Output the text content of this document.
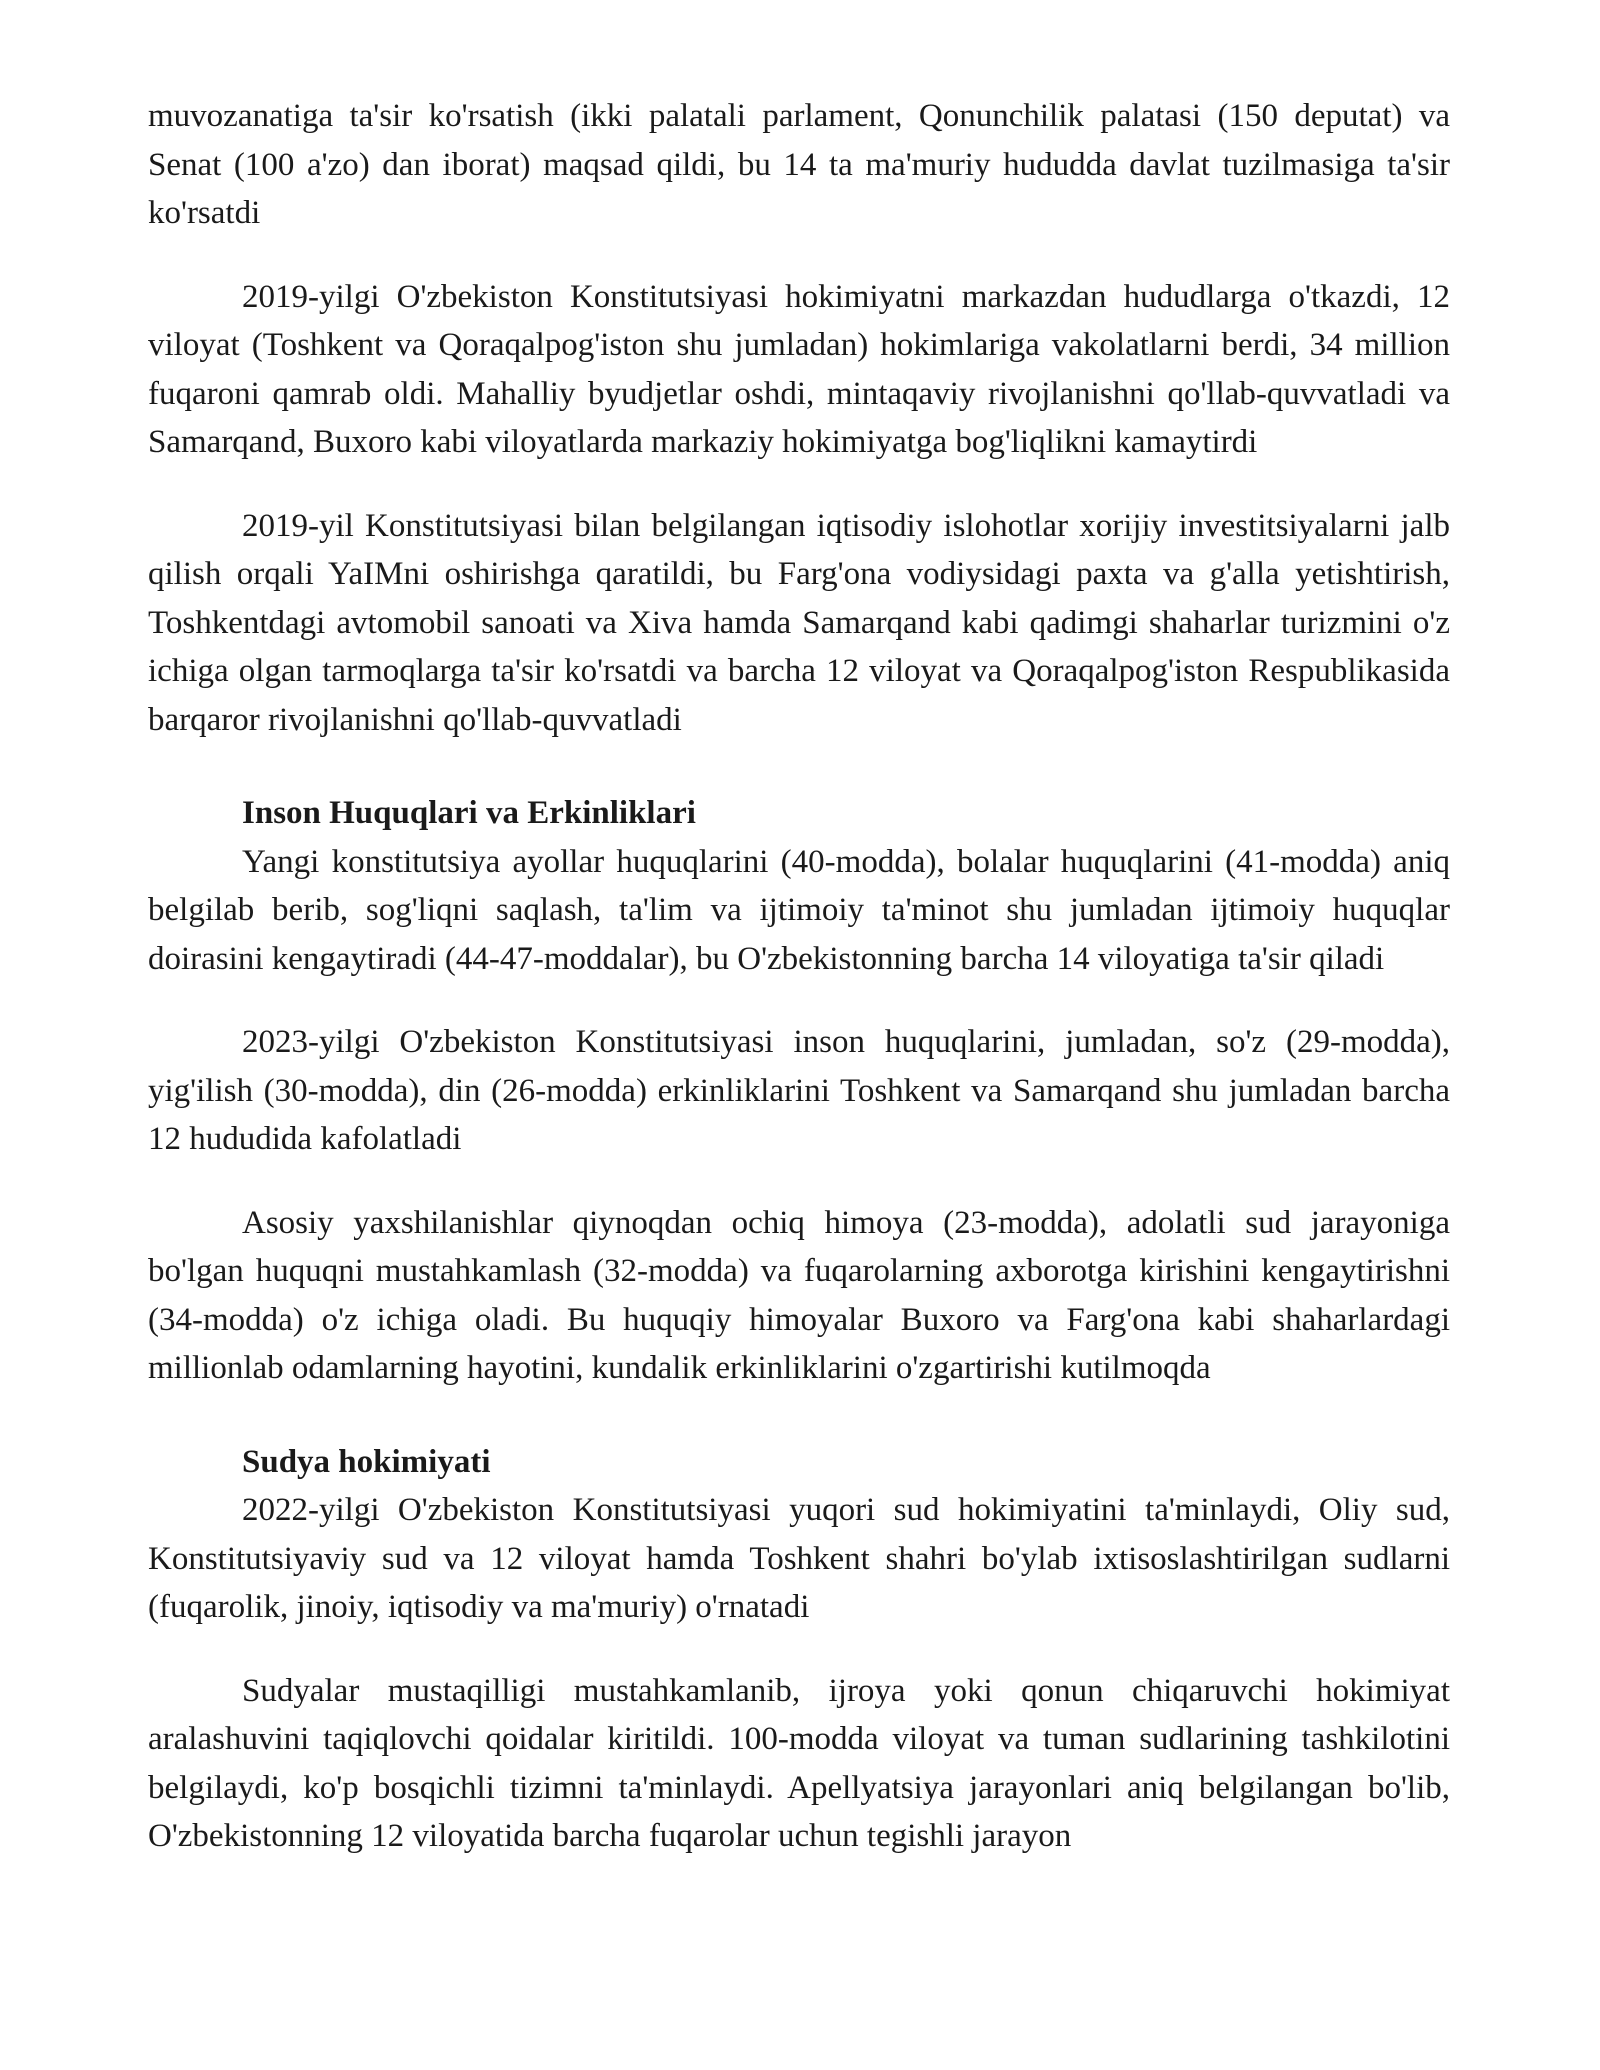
muvozanatiga ta'sir ko'rsatish (ikki palatali parlament, Qonunchilik palatasi (150 deputat) va Senat (100 a'zo) dan iborat) maqsad qildi, bu 14 ta ma'muriy hududda davlat tuzilmasiga ta'sir ko'rsatdi

2019-yilgi O'zbekiston Konstitutsiyasi hokimiyatni markazdan hududlarga o'tkazdi, 12 viloyat (Toshkent va Qoraqalpog'iston shu jumladan) hokimlariga vakolatlarni berdi, 34 million fuqaroni qamrab oldi. Mahalliy byudjetlar oshdi, mintaqaviy rivojlanishni qo'llab-quvvatladi va Samarqand, Buxoro kabi viloyatlarda markaziy hokimiyatga bog'liqlikni kamaytirdi

2019-yil Konstitutsiyasi bilan belgilangan iqtisodiy islohotlar xorijiy investitsiyalarni jalb qilish orqali YaIMni oshirishga qaratildi, bu Farg'ona vodiysidagi paxta va g'alla yetishtirish, Toshkentdagi avtomobil sanoati va Xiva hamda Samarqand kabi qadimgi shaharlar turizmini o'z ichiga olgan tarmoqlarga ta'sir ko'rsatdi va barcha 12 viloyat va Qoraqalpog'iston Respublikasida barqaror rivojlanishni qo'llab-quvvatladi

Inson Huquqlari va Erkinliklari

Yangi konstitutsiya ayollar huquqlarini (40-modda), bolalar huquqlarini (41-modda) aniq belgilab berib, sog'liqni saqlash, ta'lim va ijtimoiy ta'minot shu jumladan ijtimoiy huquqlar doirasini kengaytiradi (44-47-moddalar), bu O'zbekistonning barcha 14 viloyatiga ta'sir qiladi

2023-yilgi O'zbekiston Konstitutsiyasi inson huquqlarini, jumladan, so'z (29-modda), yig'ilish (30-modda), din (26-modda) erkinliklarini Toshkent va Samarqand shu jumladan barcha 12 hududida kafolatladi

Asosiy yaxshilanishlar qiynoqdan ochiq himoya (23-modda), adolatli sud jarayoniga bo'lgan huquqni mustahkamlash (32-modda) va fuqarolarning axborotga kirishini kengaytirishni (34-modda) o'z ichiga oladi. Bu huquqiy himoyalar Buxoro va Farg'ona kabi shaharlardagi millionlab odamlarning hayotini, kundalik erkinliklarini o'zgartirishi kutilmoqda

Sudya hokimiyati

2022-yilgi O'zbekiston Konstitutsiyasi yuqori sud hokimiyatini ta'minlaydi, Oliy sud, Konstitutsiyaviy sud va 12 viloyat hamda Toshkent shahri bo'ylab ixtisoslashtirilgan sudlarni (fuqarolik, jinoiy, iqtisodiy va ma'muriy) o'rnatadi

Sudyalar mustaqilligi mustahkamlanib, ijroya yoki qonun chiqaruvchi hokimiyat aralashuvini taqiqlovchi qoidalar kiritildi. 100-modda viloyat va tuman sudlarining tashkilotini belgilaydi, ko'p bosqichli tizimni ta'minlaydi. Apellyatsiya jarayonlari aniq belgilangan bo'lib, O'zbekistonning 12 viloyatida barcha fuqarolar uchun tegishli jarayon
